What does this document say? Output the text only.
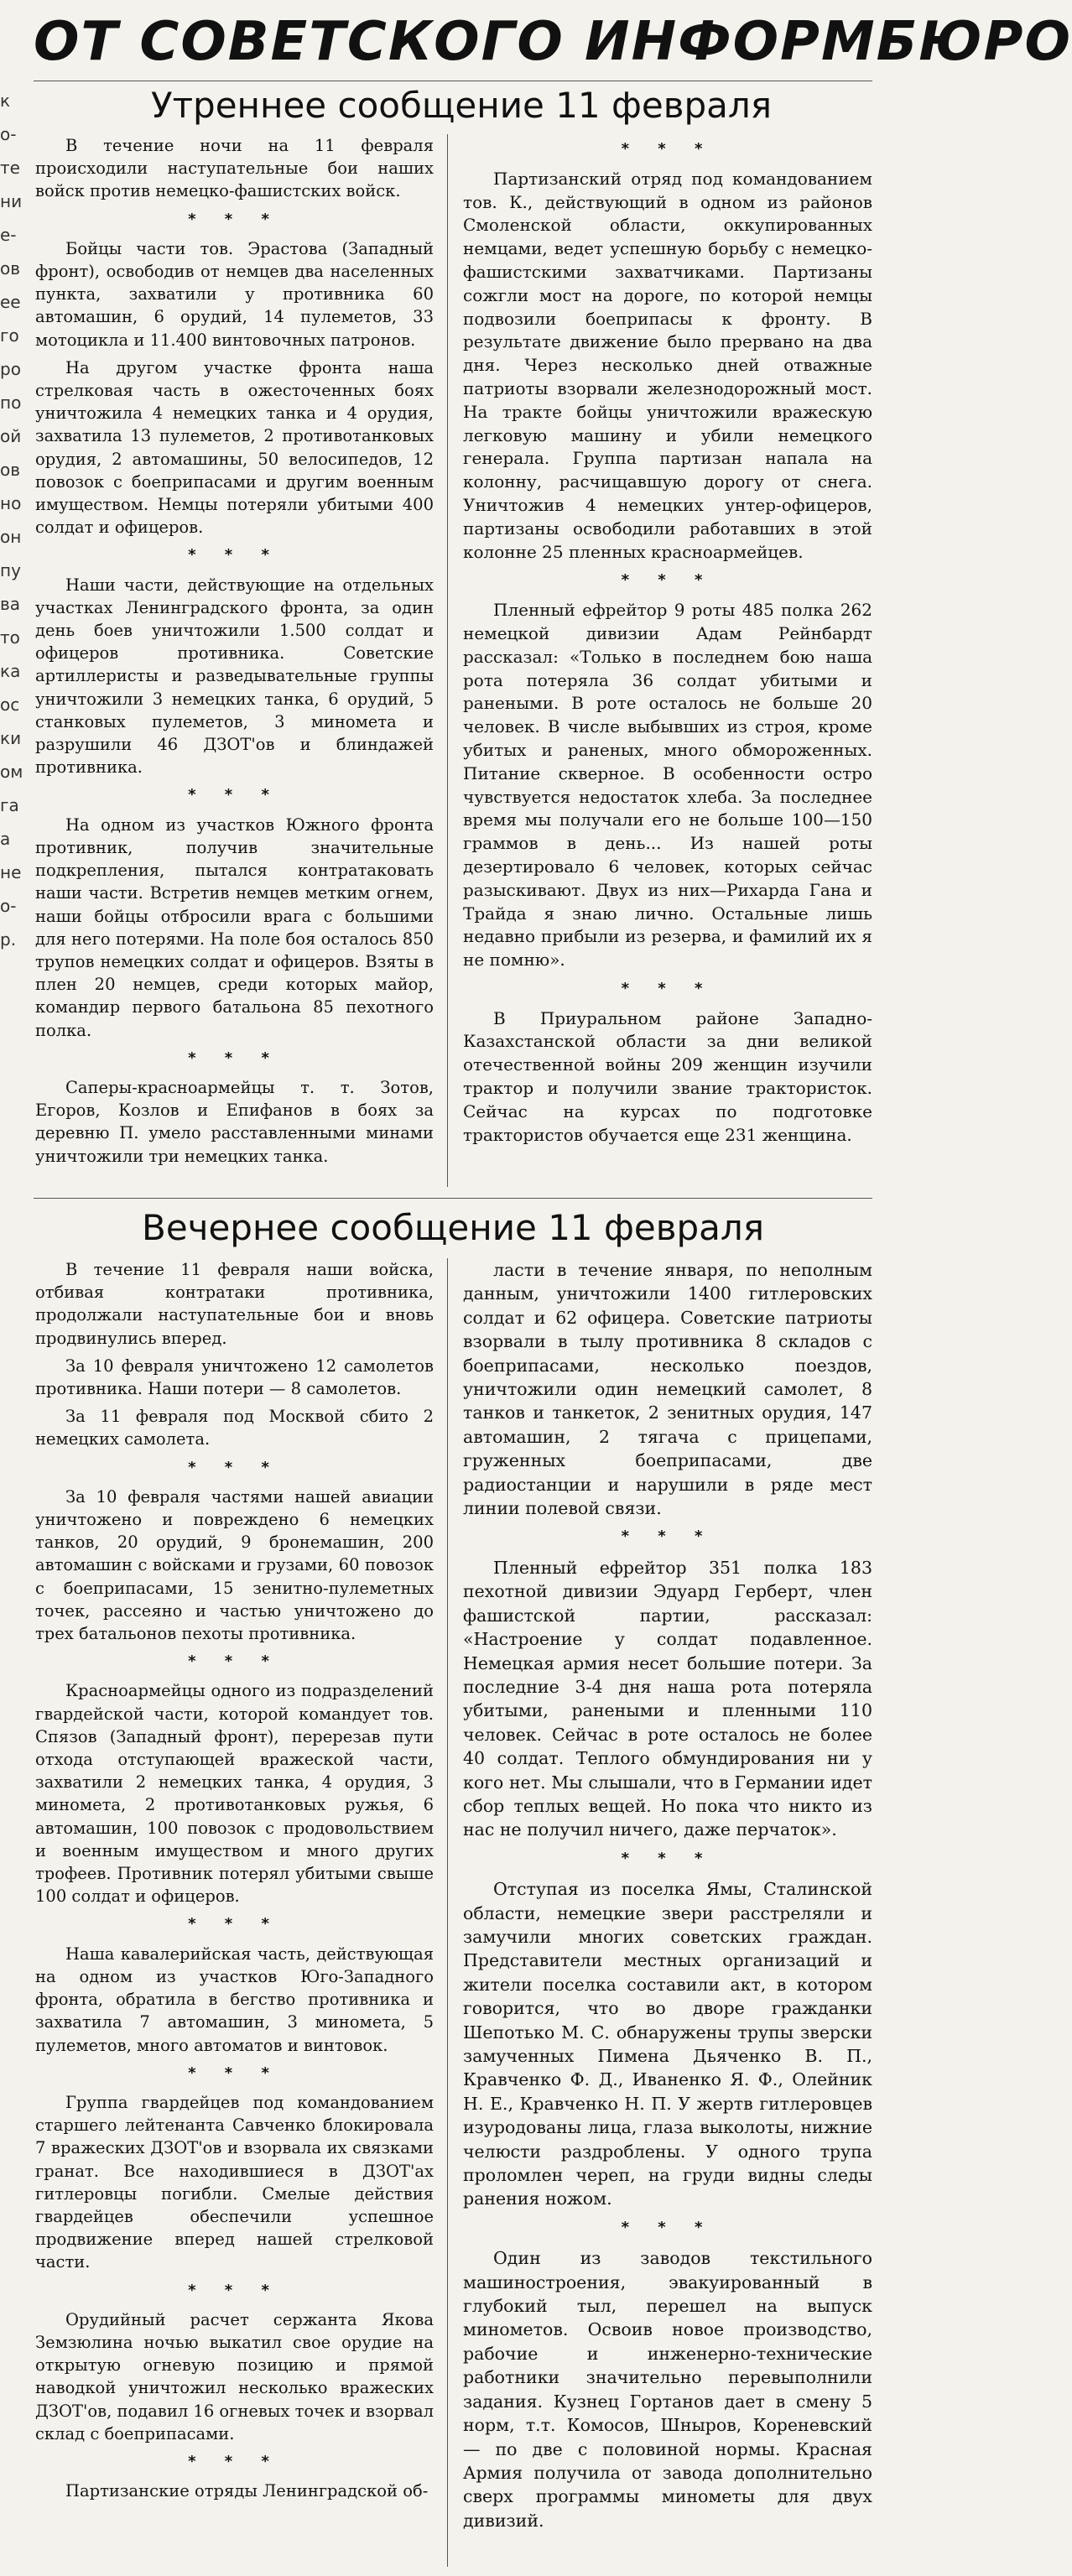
ОТ СОВЕТСКОГО ИНФОРМБЮРО
к
о-
те
ни
e-
ов
ее
го
ро
по
ой
ов
но
он
пу
ва
то
ка
ос
ки
ом
га
а
не
о-
р.
Утреннее сообщение 11 февраля

В течение ночи на 11 февраля происходили наступательные бои наших войск против немецко-фашистских войск.

* * *

Бойцы части тов. Эрастова (Западный фронт), освободив от немцев два населенных пункта, захватили у противника 60 автомашин, 6 орудий, 14 пулеметов, 33 мотоцикла и 11.400 винтовочных патронов.

На другом участке фронта наша стрелковая часть в ожесточенных боях уничтожила 4 немецких танка и 4 орудия, захватила 13 пулеметов, 2 противотанковых орудия, 2 автомашины, 50 велосипедов, 12 повозок с боеприпасами и другим военным имуществом. Немцы потеряли убитыми 400 солдат и офицеров.

* * *

Наши части, действующие на отдельных участках Ленинградского фронта, за один день боев уничтожили 1.500 солдат и офицеров противника. Советские артиллеристы и разведывательные группы уничтожили 3 немецких танка, 6 орудий, 5 станковых пулеметов, 3 миномета и разрушили 46 ДЗОТ'ов и блиндажей противника.

* * *

На одном из участков Южного фронта противник, получив значительные подкрепления, пытался контратаковать наши части. Встретив немцев метким огнем, наши бойцы отбросили врага с большими для него потерями. На поле боя осталось 850 трупов немецких солдат и офицеров. Взяты в плен 20 немцев, среди которых майор, командир первого батальона 85 пехотного полка.

* * *

Саперы-красноармейцы т. т. Зотов, Егоров, Козлов и Епифанов в боях за деревню П. умело расставленными минами уничтожили три немецких танка.

* * *

Партизанский отряд под командованием тов. К., действующий в одном из районов Смоленской области, оккупированных немцами, ведет успешную борьбу с немецко-фашистскими захватчиками. Партизаны сожгли мост на дороге, по которой немцы подвозили боеприпасы к фронту. В результате движение было прервано на два дня. Через несколько дней отважные патриоты взорвали железнодорожный мост. На тракте бойцы уничтожили вражескую легковую машину и убили немецкого генерала. Группа партизан напала на колонну, расчищавшую дорогу от снега. Уничтожив 4 немецких унтер-офицеров, партизаны освободили работавших в этой колонне 25 пленных красноармейцев.

* * *

Пленный ефрейтор 9 роты 485 полка 262 немецкой дивизии Адам Рейнбардт рассказал: «Только в последнем бою наша рота потеряла 36 солдат убитыми и ранеными. В роте осталось не больше 20 человек. В числе выбывших из строя, кроме убитых и раненых, много обмороженных. Питание скверное. В особенности остро чувствуется недостаток хлеба. За последнее время мы получали его не больше 100—150 граммов в день... Из нашей роты дезертировало 6 человек, которых сейчас разыскивают. Двух из них—Рихарда Гана и Трайда я знаю лично. Остальные лишь недавно прибыли из резерва, и фамилий их я не помню».

* * *

В Приуральном районе Западно-Казахстанской области за дни великой отечественной войны 209 женщин изучили трактор и получили звание трактористок. Сейчас на курсах по подготовке трактористов обучается еще 231 женщина.

Вечернее сообщение 11 февраля

В течение 11 февраля наши войска, отбивая контратаки противника, продолжали наступательные бои и вновь продвинулись вперед.

За 10 февраля уничтожено 12 самолетов противника. Наши потери — 8 самолетов.

За 11 февраля под Москвой сбито 2 немецких самолета.

* * *

За 10 февраля частями нашей авиации уничтожено и повреждено 6 немецких танков, 20 орудий, 9 бронемашин, 200 автомашин с войсками и грузами, 60 повозок с боеприпасами, 15 зенитно-пулеметных точек, рассеяно и частью уничтожено до трех батальонов пехоты противника.

* * *

Красноармейцы одного из подразделений гвардейской части, которой командует тов. Спязов (Западный фронт), перерезав пути отхода отступающей вражеской части, захватили 2 немецких танка, 4 орудия, 3 миномета, 2 противотанковых ружья, 6 автомашин, 100 повозок с продовольствием и военным имуществом и много других трофеев. Противник потерял убитыми свыше 100 солдат и офицеров.

* * *

Наша кавалерийская часть, действующая на одном из участков Юго-Западного фронта, обратила в бегство противника и захватила 7 автомашин, 3 миномета, 5 пулеметов, много автоматов и винтовок.

* * *

Группа гвардейцев под командованием старшего лейтенанта Савченко блокировала 7 вражеских ДЗОТ'ов и взорвала их связками гранат. Все находившиеся в ДЗОТ'ах гитлеровцы погибли. Смелые действия гвардейцев обеспечили успешное продвижение вперед нашей стрелковой части.

* * *

Орудийный расчет сержанта Якова Земзюлина ночью выкатил свое орудие на открытую огневую позицию и прямой наводкой уничтожил несколько вражеских ДЗОТ'ов, подавил 16 огневых точек и взорвал склад с боеприпасами.

* * *

Партизанские отряды Ленинградской об-

ласти в течение января, по неполным данным, уничтожили 1400 гитлеровских солдат и 62 офицера. Советские патриоты взорвали в тылу противника 8 складов с боеприпасами, несколько поездов, уничтожили один немецкий самолет, 8 танков и танкеток, 2 зенитных орудия, 147 автомашин, 2 тягача с прицепами, груженных боеприпасами, две радиостанции и нарушили в ряде мест линии полевой связи.

* * *

Пленный ефрейтор 351 полка 183 пехотной дивизии Эдуард Герберт, член фашистской партии, рассказал: «Настроение у солдат подавленное. Немецкая армия несет большие потери. За последние 3-4 дня наша рота потеряла убитыми, ранеными и пленными 110 человек. Сейчас в роте осталось не более 40 солдат. Теплого обмундирования ни у кого нет. Мы слышали, что в Германии идет сбор теплых вещей. Но пока что никто из нас не получил ничего, даже перчаток».

* * *

Отступая из поселка Ямы, Сталинской области, немецкие звери расстреляли и замучили многих советских граждан. Представители местных организаций и жители поселка составили акт, в котором говорится, что во дворе гражданки Шепотько М. С. обнаружены трупы зверски замученных Пимена Дьяченко В. П., Кравченко Ф. Д., Иваненко Я. Ф., Олейник Н. Е., Кравченко Н. П. У жертв гитлеровцев изуродованы лица, глаза выколоты, нижние челюсти раздроблены. У одного трупа проломлен череп, на груди видны следы ранения ножом.

* * *

Один из заводов текстильного машиностроения, эвакуированный в глубокий тыл, перешел на выпуск минометов. Освоив новое производство, рабочие и инженерно-технические работники значительно перевыполнили задания. Кузнец Гортанов дает в смену 5 норм, т.т. Комосов, Шныров, Кореневский — по две с половиной нормы. Красная Армия получила от завода дополнительно сверх программы минометы для двух дивизий.
